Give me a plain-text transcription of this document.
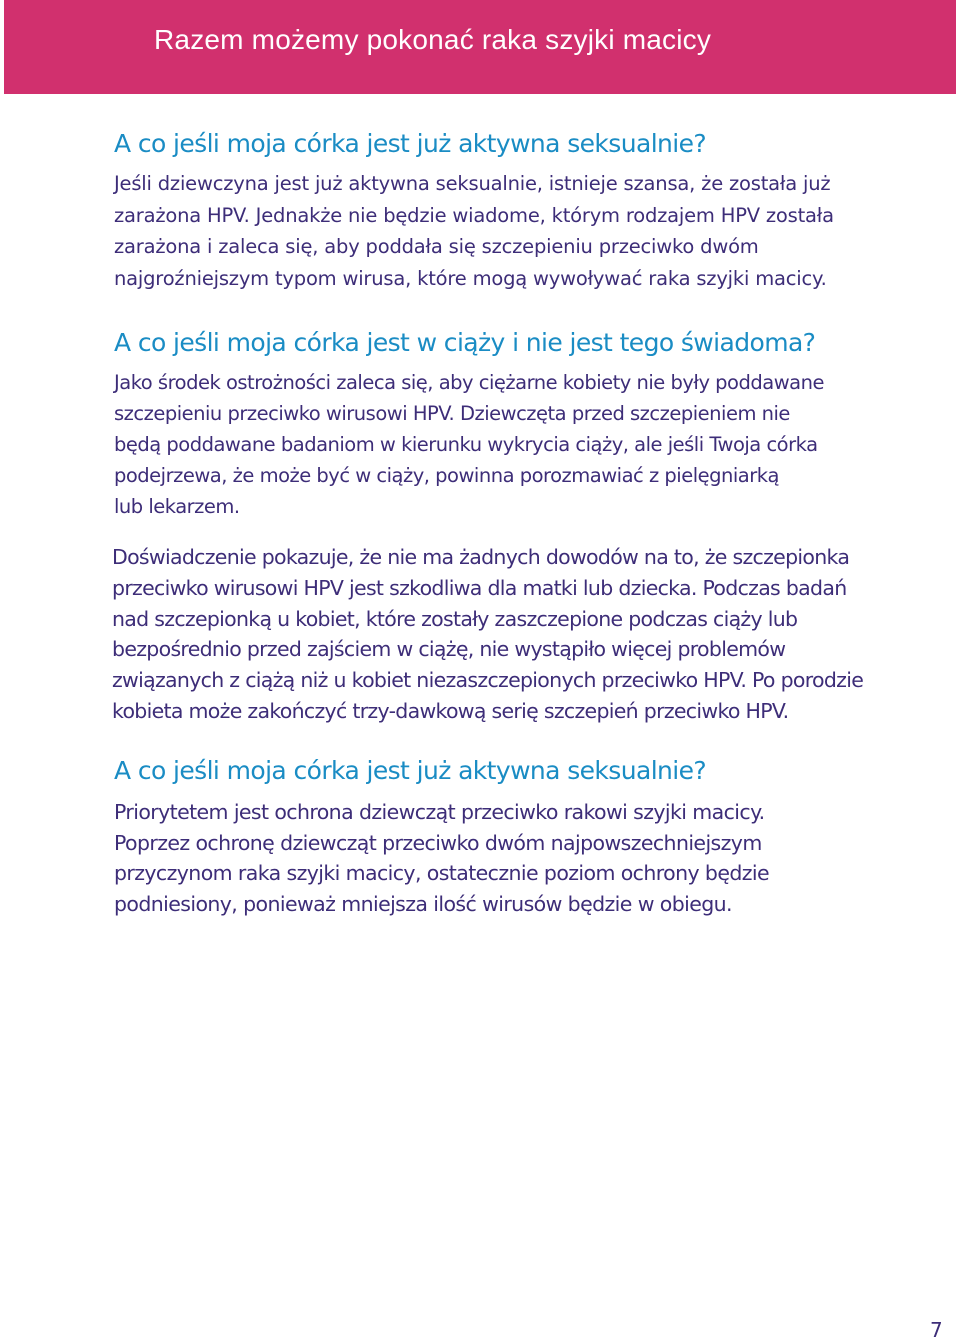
Razem możemy pokonać raka szyjki macicy
A co jeśli moja córka jest już aktywna seksualnie?

Jeśli dziewczyna jest już aktywna seksualnie, istnieje szansa, że została już
zarażona HPV. Jednakże nie będzie wiadome, którym rodzajem HPV została
zarażona i zaleca się, aby poddała się szczepieniu przeciwko dwóm
najgroźniejszym typom wirusa, które mogą wywoływać raka szyjki macicy.

A co jeśli moja córka jest w ciąży i nie jest tego świadoma?

Jako środek ostrożności zaleca się, aby ciężarne kobiety nie były poddawane
szczepieniu przeciwko wirusowi HPV. Dziewczęta przed szczepieniem nie
będą poddawane badaniom w kierunku wykrycia ciąży, ale jeśli Twoja córka
podejrzewa, że może być w ciąży, powinna porozmawiać z pielęgniarką
lub lekarzem.

Doświadczenie pokazuje, że nie ma żadnych dowodów na to, że szczepionka
przeciwko wirusowi HPV jest szkodliwa dla matki lub dziecka. Podczas badań
nad szczepionką u kobiet, które zostały zaszczepione podczas ciąży lub
bezpośrednio przed zajściem w ciążę, nie wystąpiło więcej problemów
związanych z ciążą niż u kobiet niezaszczepionych przeciwko HPV. Po porodzie
kobieta może zakończyć trzy-dawkową serię szczepień przeciwko HPV.

A co jeśli moja córka jest już aktywna seksualnie?

Priorytetem jest ochrona dziewcząt przeciwko rakowi szyjki macicy.
Poprzez ochronę dziewcząt przeciwko dwóm najpowszechniejszym
przyczynom raka szyjki macicy, ostatecznie poziom ochrony będzie
podniesiony, ponieważ mniejsza ilość wirusów będzie w obiegu.

7
